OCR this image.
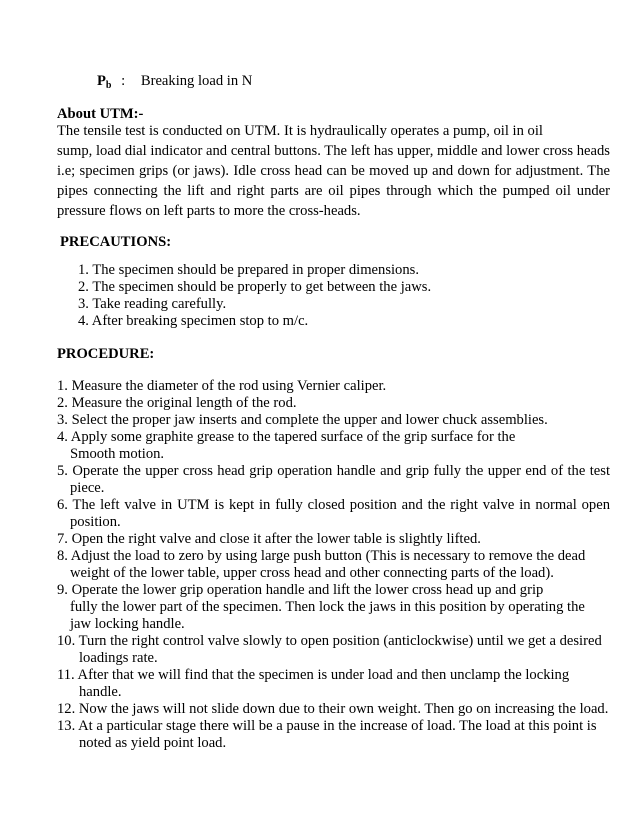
$P_b$ : Breaking load in N
About UTM:-
The tensile test is conducted on UTM. It is hydraulically operates a pump, oil in oil
sump, load dial indicator and central buttons. The left has upper, middle and lower cross heads
i.e; specimen grips (or jaws). Idle cross head can be moved up and down for adjustment. The
pipes connecting the lift and right parts are oil pipes through which the pumped oil under
pressure flows on left parts to more the cross-heads.
PRECAUTIONS:
1. The specimen should be prepared in proper dimensions.
2. The specimen should be properly to get between the jaws.
3. Take reading carefully.
4. After breaking specimen stop to m/c.
PROCEDURE:
1. Measure the diameter of the rod using Vernier caliper.
2. Measure the original length of the rod.
3. Select the proper jaw inserts and complete the upper and lower chuck assemblies.
4. Apply some graphite grease to the tapered surface of the grip surface for the
Smooth motion.
5. Operate the upper cross head grip operation handle and grip fully the upper end of the test
piece.
6. The left valve in UTM is kept in fully closed position and the right valve in normal open
position.
7. Open the right valve and close it after the lower table is slightly lifted.
8. Adjust the load to zero by using large push button (This is necessary to remove the dead
weight of the lower table, upper cross head and other connecting parts of the load).
9. Operate the lower grip operation handle and lift the lower cross head up and grip
fully the lower part of the specimen. Then lock the jaws in this position by operating the
jaw locking handle.
10. Turn the right control valve slowly to open position (anticlockwise) until we get a desired
loadings rate.
11. After that we will find that the specimen is under load and then unclamp the locking
handle.
12. Now the jaws will not slide down due to their own weight. Then go on increasing the load.
13. At a particular stage there will be a pause in the increase of load. The load at this point is
noted as yield point load.
